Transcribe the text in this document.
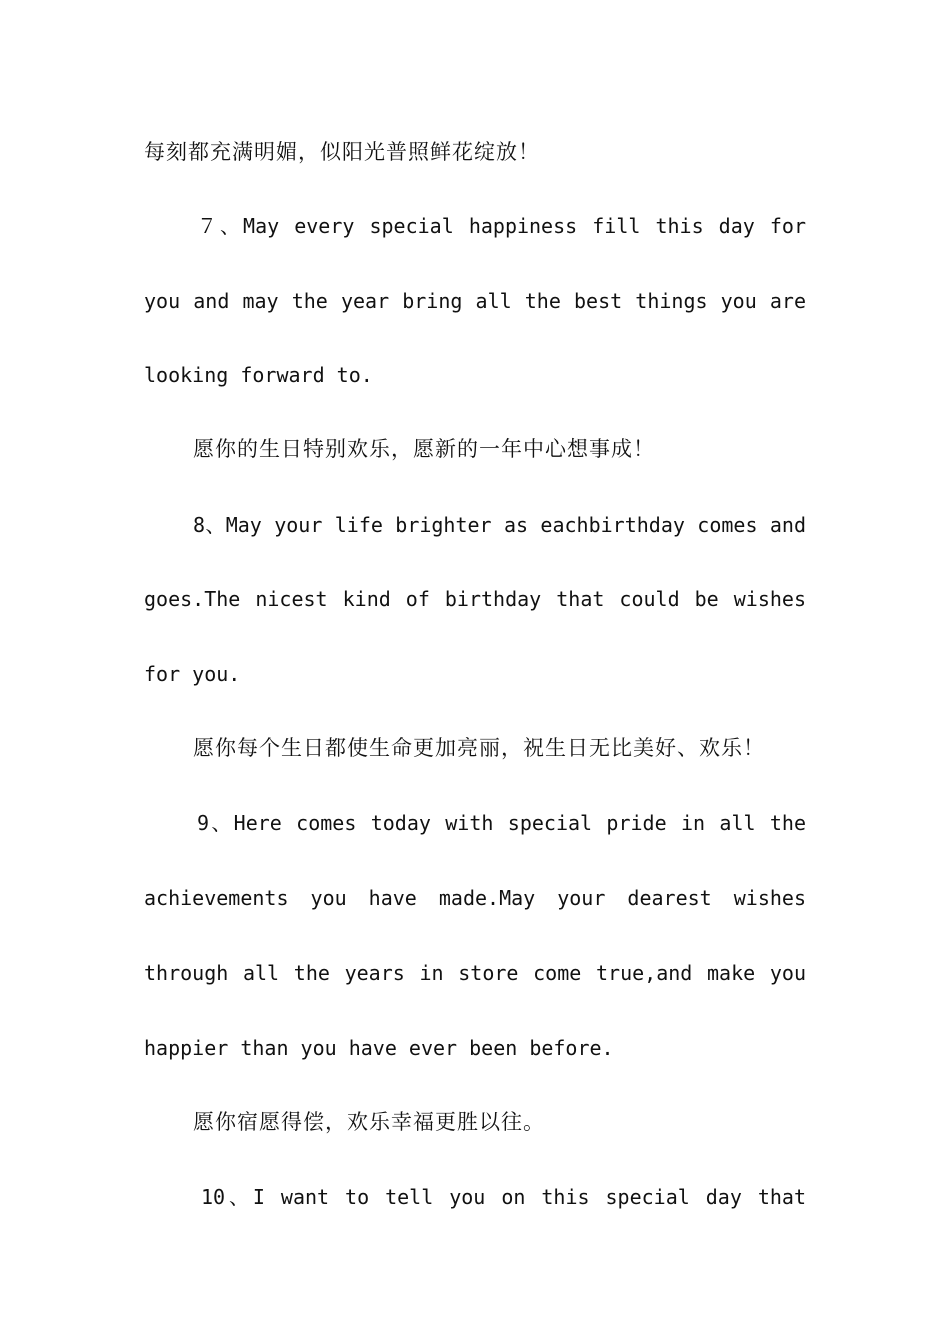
每刻都充满明媚，似阳光普照鲜花绽放！
７、May every special happiness fill this day for
you and may the year bring all the best things you are
looking forward to.
愿你的生日特别欢乐，愿新的一年中心想事成！
8、May your life brighter as eachbirthday comes and
goes.The nicest kind of birthday that could be wishes
for you.
愿你每个生日都使生命更加亮丽，祝生日无比美好、欢乐！
9、Here comes today with special pride in all the
achievements you have made.May your dearest wishes
through all the years in store come true,and make you
happier than you have ever been before.
愿你宿愿得偿，欢乐幸福更胜以往。
10、I want to tell you on this special day that
